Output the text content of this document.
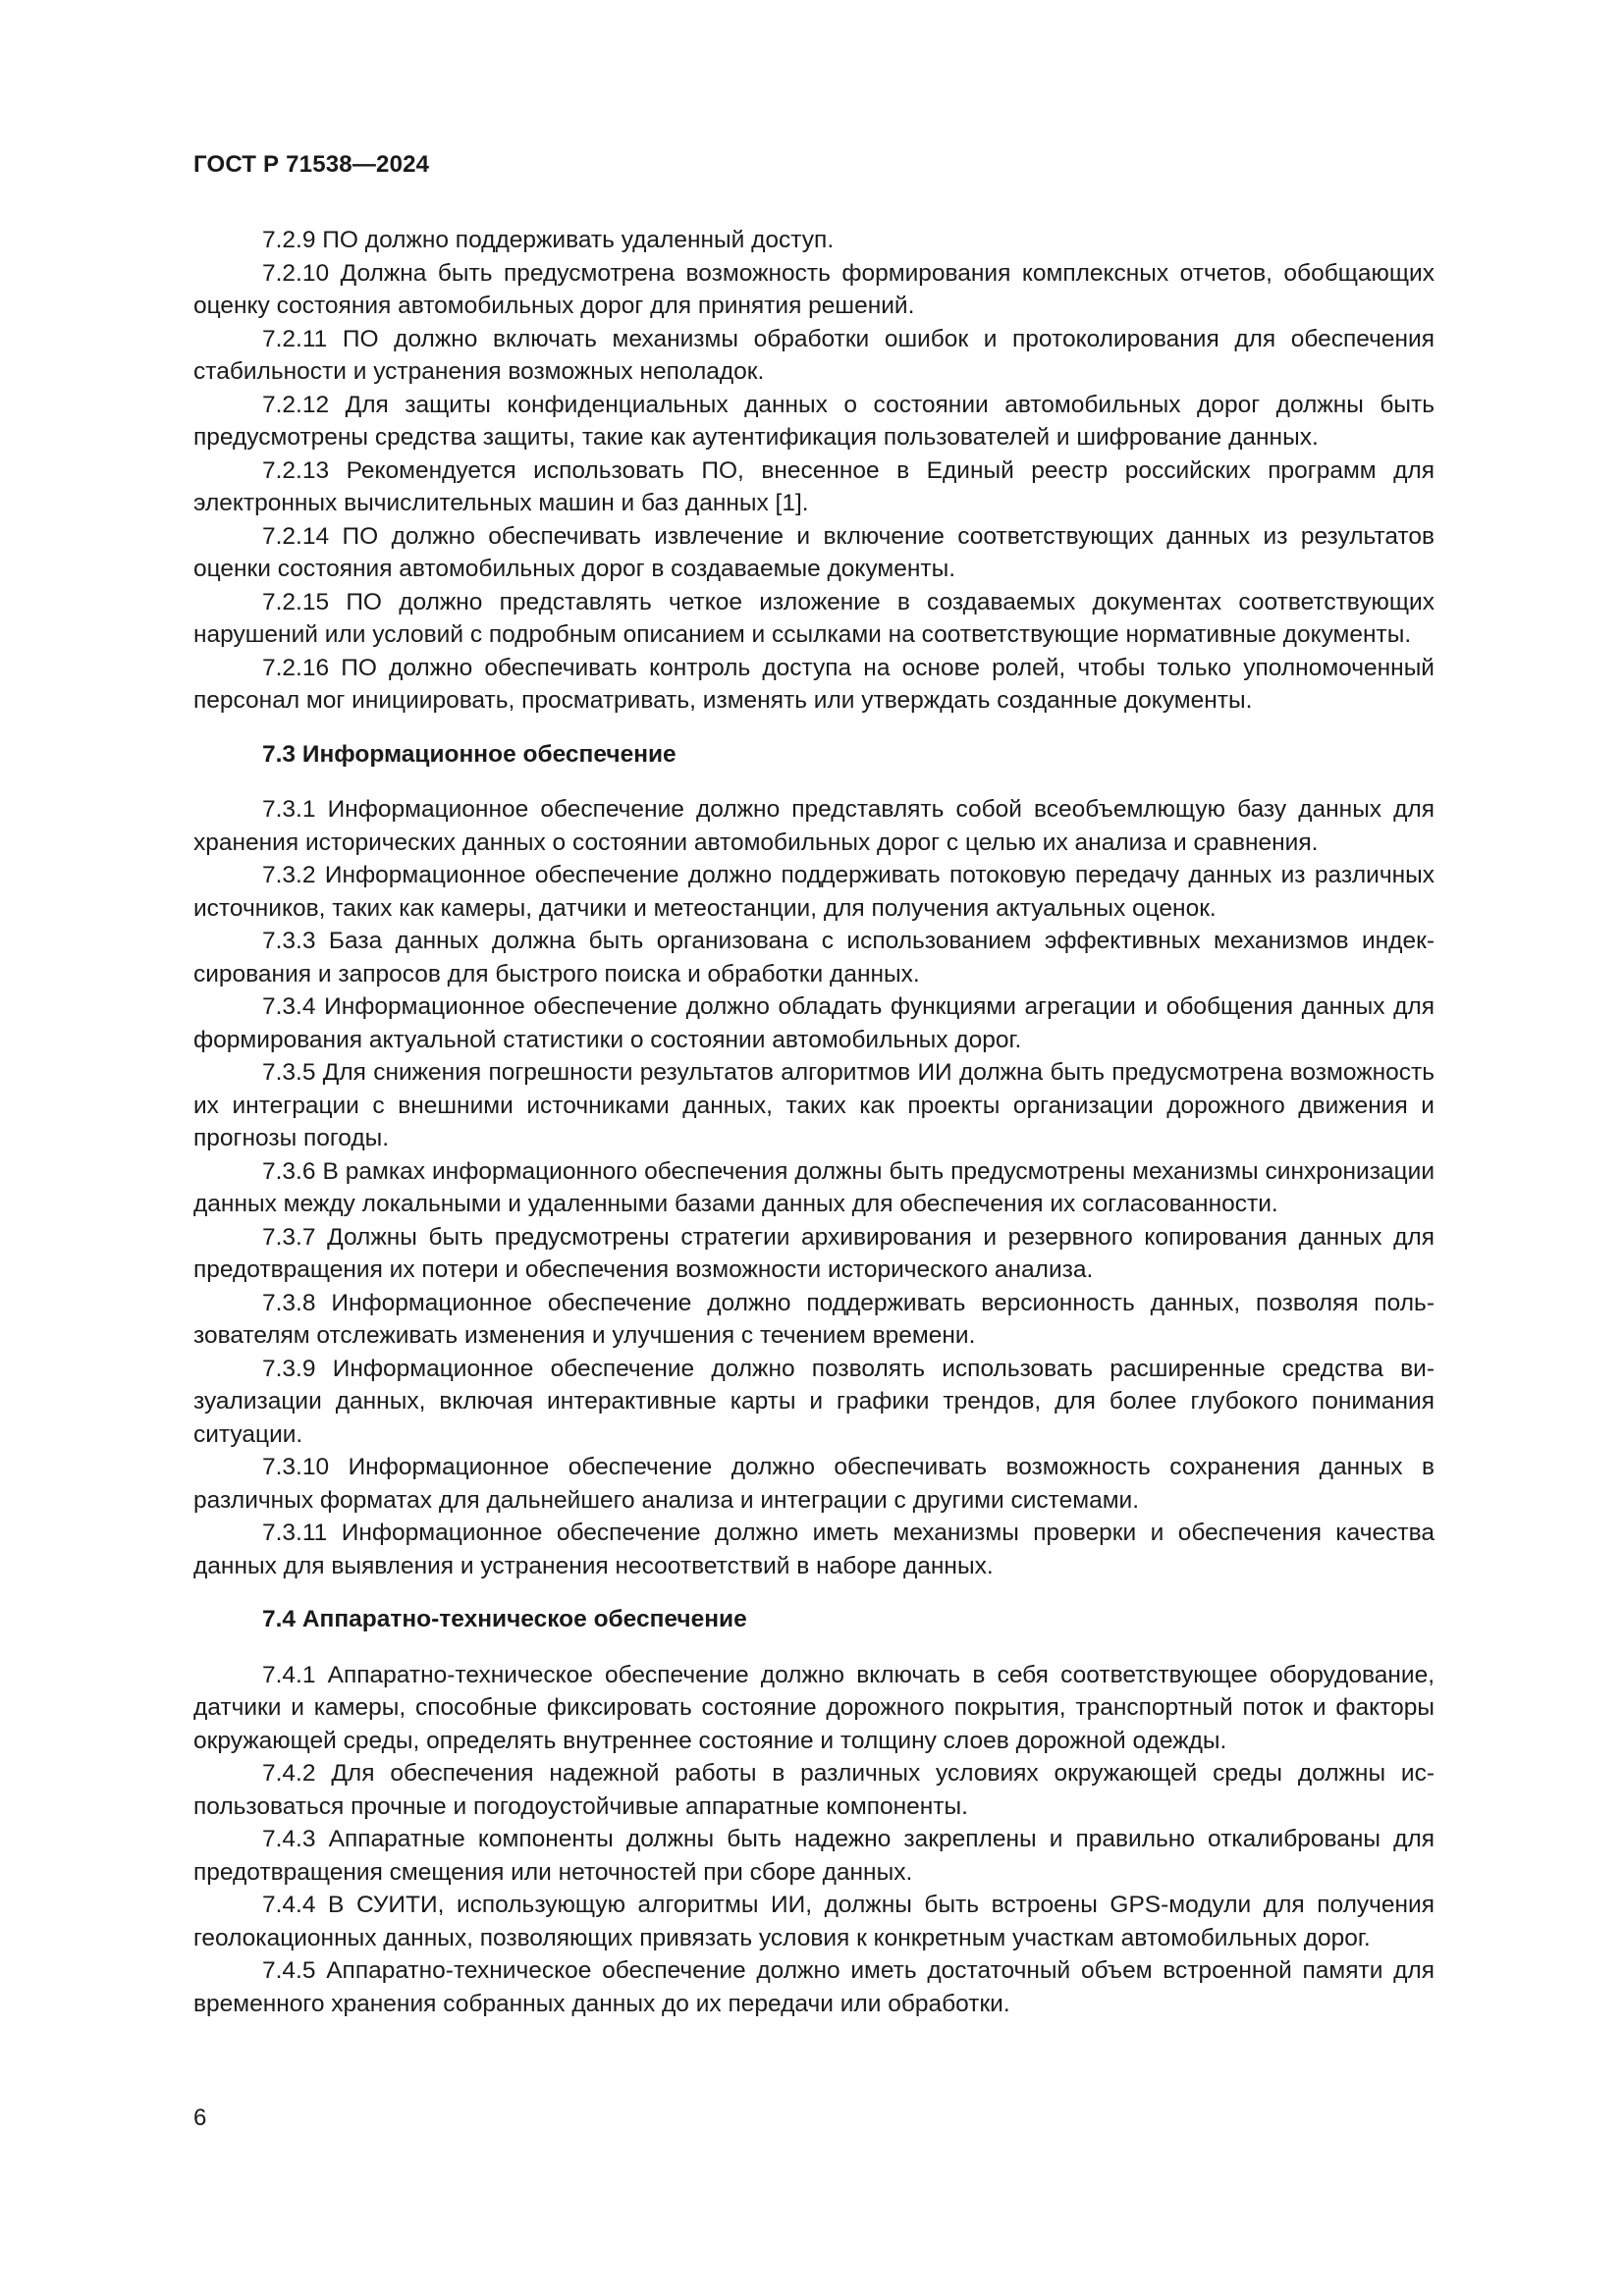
ГОСТ Р 71538—2024

7.2.9 ПО должно поддерживать удаленный доступ.

7.2.10 Должна быть предусмотрена возможность формирования комплексных отчетов, обобщающих оценку состояния автомобильных дорог для принятия решений.

7.2.11 ПО должно включать механизмы обработки ошибок и протоколирования для обеспечения стабильности и устранения возможных неполадок.

7.2.12 Для защиты конфиденциальных данных о состоянии автомобильных дорог должны быть предусмотрены средства защиты, такие как аутентификация пользователей и шифрование данных.

7.2.13 Рекомендуется использовать ПО, внесенное в Единый реестр российских программ для электронных вычислительных машин и баз данных [1].

7.2.14 ПО должно обеспечивать извлечение и включение соответствующих данных из результатов оценки состояния автомобильных дорог в создаваемые документы.

7.2.15 ПО должно представлять четкое изложение в создаваемых документах соответствующих нарушений или условий с подробным описанием и ссылками на соответствующие нормативные документы.

7.2.16 ПО должно обеспечивать контроль доступа на основе ролей, чтобы только уполномоченный персонал мог инициировать, просматривать, изменять или утверждать созданные документы.

7.3 Информационное обеспечение

7.3.1 Информационное обеспечение должно представлять собой всеобъемлющую базу данных для хранения исторических данных о состоянии автомобильных дорог с целью их анализа и сравнения.

7.3.2 Информационное обеспечение должно поддерживать потоковую передачу данных из различных источников, таких как камеры, датчики и метеостанции, для получения актуальных оценок.

7.3.3 База данных должна быть организована с использованием эффективных механизмов индексирования и запросов для быстрого поиска и обработки данных.

7.3.4 Информационное обеспечение должно обладать функциями агрегации и обобщения данных для формирования актуальной статистики о состоянии автомобильных дорог.

7.3.5 Для снижения погрешности результатов алгоритмов ИИ должна быть предусмотрена возможность их интеграции с внешними источниками данных, таких как проекты организации дорожного движения и прогнозы погоды.

7.3.6 В рамках информационного обеспечения должны быть предусмотрены механизмы синхронизации данных между локальными и удаленными базами данных для обеспечения их согласованности.

7.3.7 Должны быть предусмотрены стратегии архивирования и резервного копирования данных для предотвращения их потери и обеспечения возможности исторического анализа.

7.3.8 Информационное обеспечение должно поддерживать версионность данных, позволяя пользователям отслеживать изменения и улучшения с течением времени.

7.3.9 Информационное обеспечение должно позволять использовать расширенные средства визуализации данных, включая интерактивные карты и графики трендов, для более глубокого понимания ситуации.

7.3.10 Информационное обеспечение должно обеспечивать возможность сохранения данных в различных форматах для дальнейшего анализа и интеграции с другими системами.

7.3.11 Информационное обеспечение должно иметь механизмы проверки и обеспечения качества данных для выявления и устранения несоответствий в наборе данных.

7.4 Аппаратно-техническое обеспечение

7.4.1 Аппаратно-техническое обеспечение должно включать в себя соответствующее оборудование, датчики и камеры, способные фиксировать состояние дорожного покрытия, транспортный поток и факторы окружающей среды, определять внутреннее состояние и толщину слоев дорожной одежды.

7.4.2 Для обеспечения надежной работы в различных условиях окружающей среды должны использоваться прочные и погодоустойчивые аппаратные компоненты.

7.4.3 Аппаратные компоненты должны быть надежно закреплены и правильно откалиброваны для предотвращения смещения или неточностей при сборе данных.

7.4.4 В СУИТИ, использующую алгоритмы ИИ, должны быть встроены GPS-модули для получения геолокационных данных, позволяющих привязать условия к конкретным участкам автомобильных дорог.

7.4.5 Аппаратно-техническое обеспечение должно иметь достаточный объем встроенной памяти для временного хранения собранных данных до их передачи или обработки.

6
